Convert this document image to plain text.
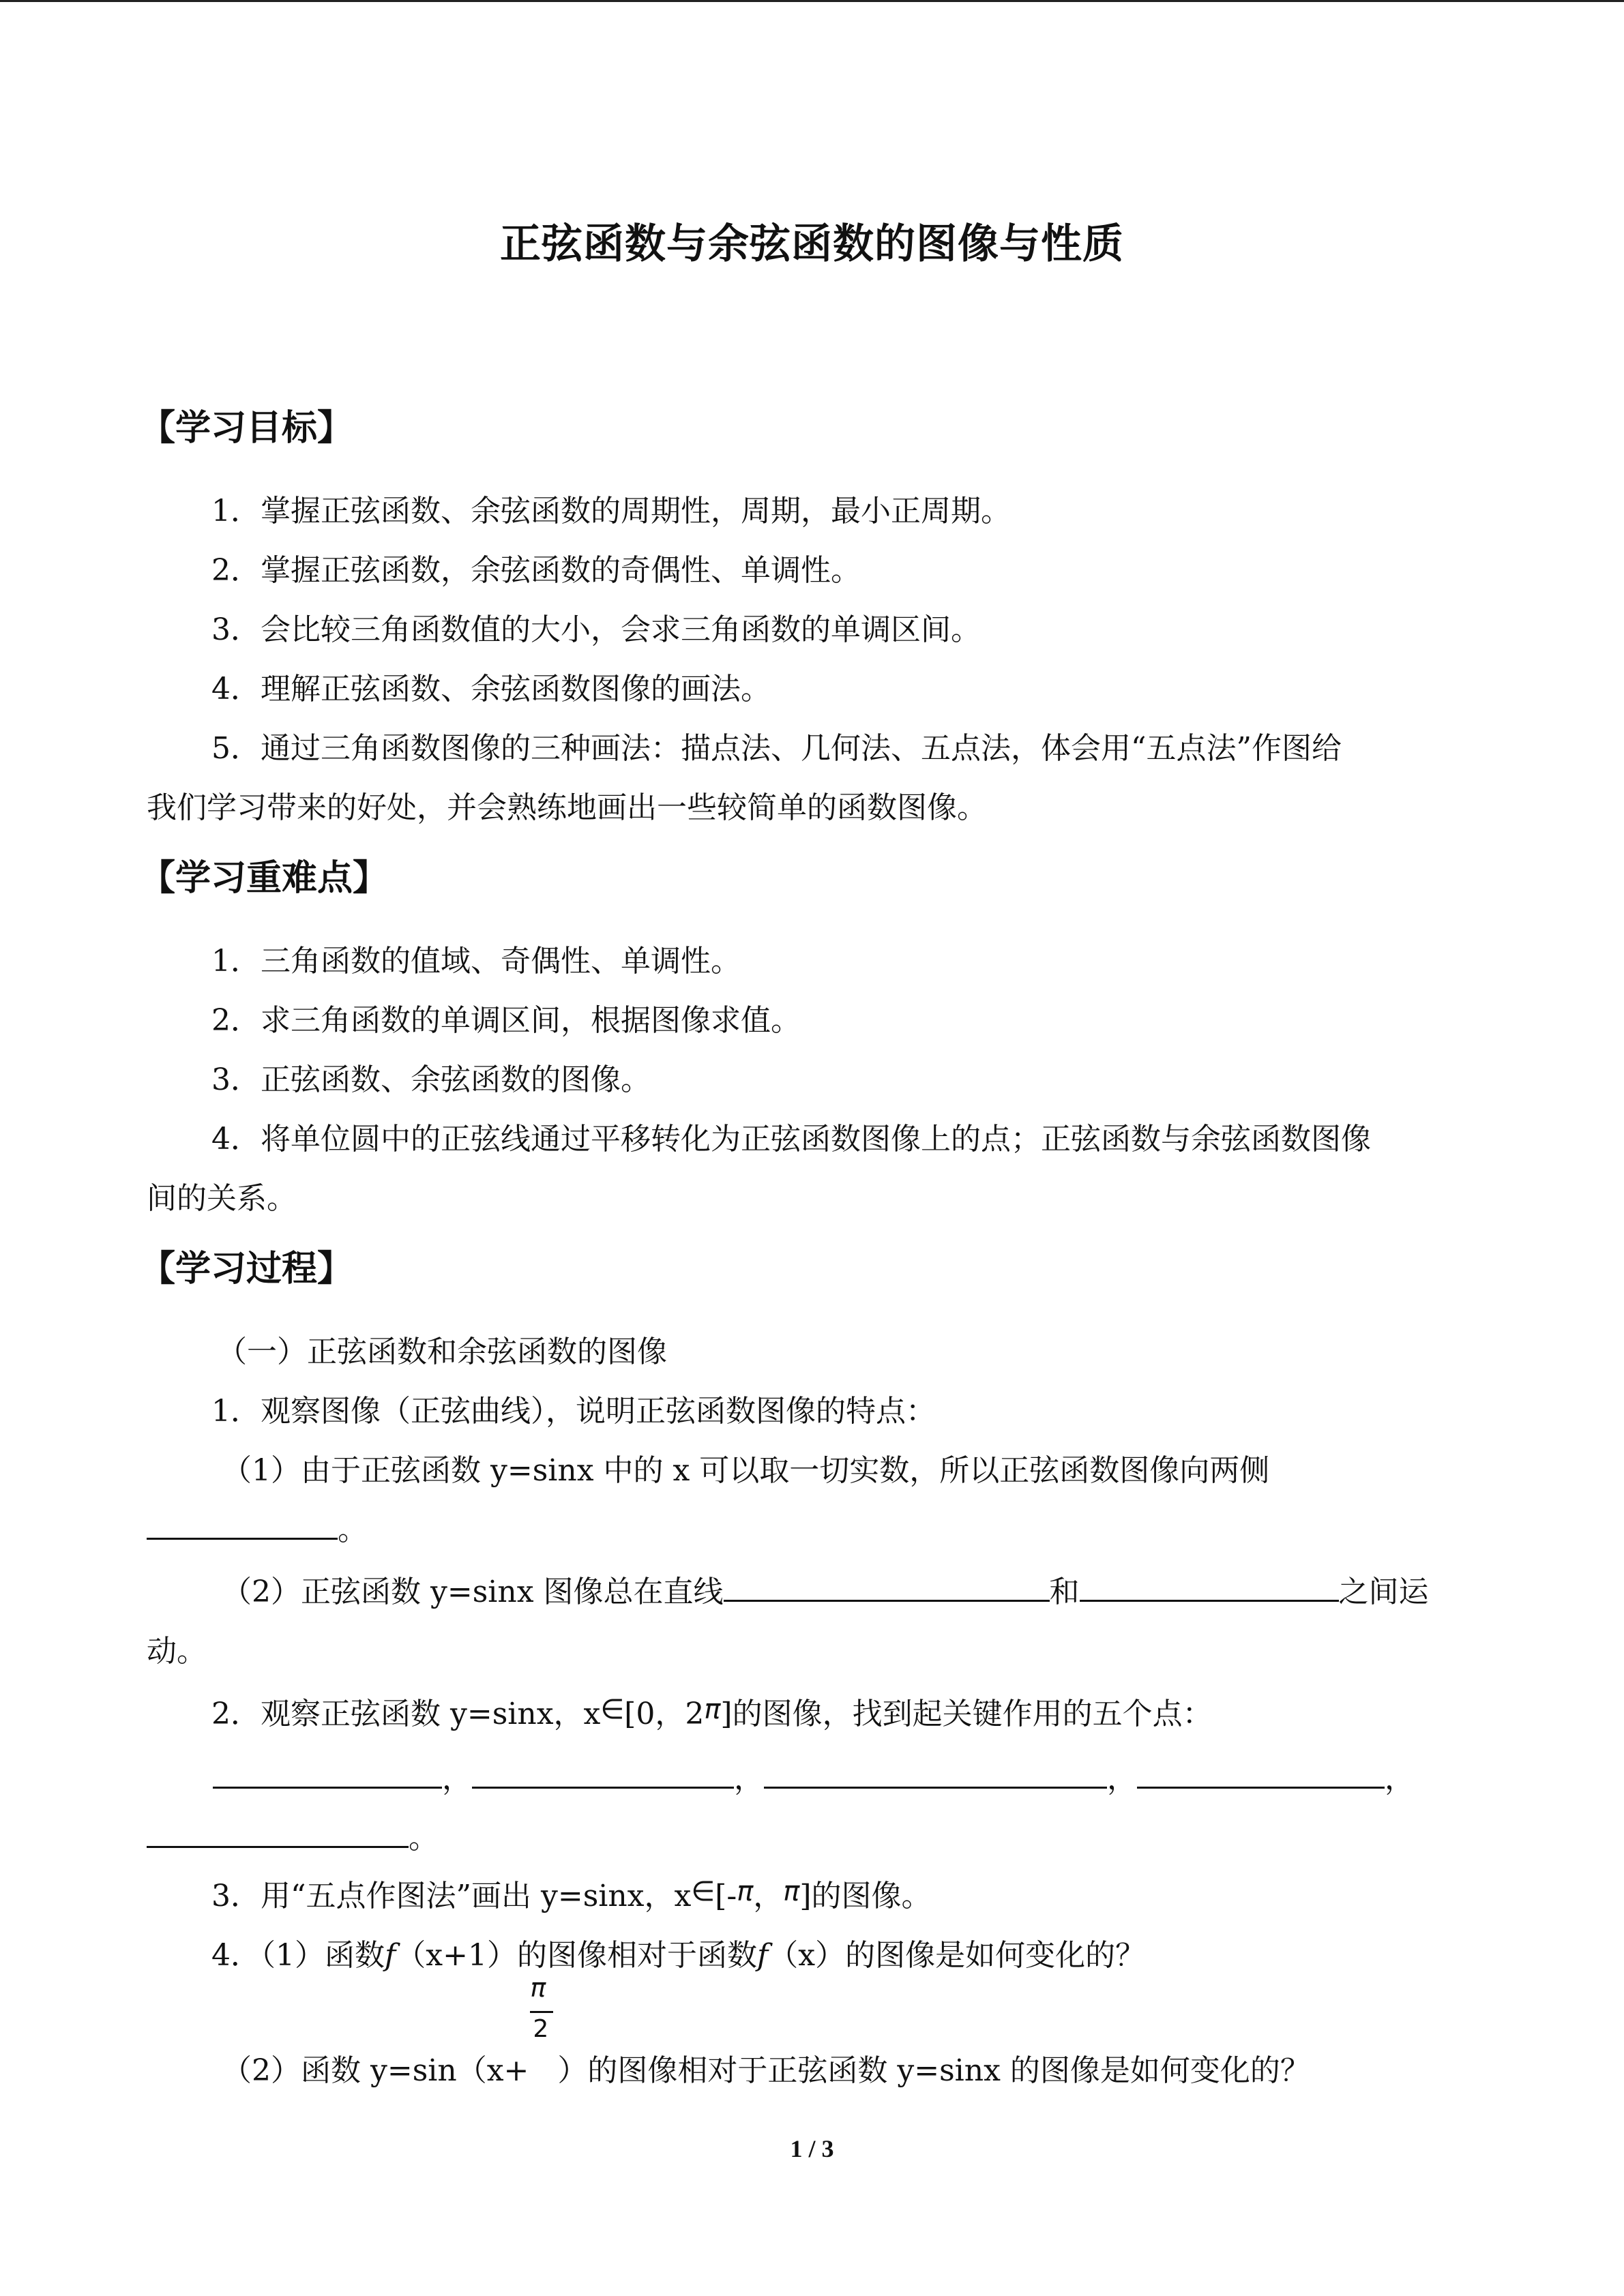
正弦函数与余弦函数的图像与性质
【学习目标】
1．掌握正弦函数、余弦函数的周期性，周期，最小正周期。
2．掌握正弦函数，余弦函数的奇偶性、单调性。
3．会比较三角函数值的大小，会求三角函数的单调区间。
4．理解正弦函数、余弦函数图像的画法。
5．通过三角函数图像的三种画法：描点法、几何法、五点法，体会用“五点法”作图给
我们学习带来的好处，并会熟练地画出一些较简单的函数图像。
【学习重难点】
1．三角函数的值域、奇偶性、单调性。
2．求三角函数的单调区间，根据图像求值。
3．正弦函数、余弦函数的图像。
4．将单位圆中的正弦线通过平移转化为正弦函数图像上的点；正弦函数与余弦函数图像
间的关系。
【学习过程】
（一）正弦函数和余弦函数的图像
1．观察图像（正弦曲线），说明正弦函数图像的特点：
（1）由于正弦函数 y=sinx 中的 x 可以取一切实数，所以正弦函数图像向两侧
。
（2）正弦函数 y=sinx 图像总在直线	和	之间运
动。
2．观察正弦函数 y=sinx，x∈[0，2π]的图像，找到起关键作用的五个点：
，	，	，	，
。
3．用“五点作图法”画出 y=sinx，x∈[-π，π]的图像。
4．（1）函数f（x+1）的图像相对于函数f（x）的图像是如何变化的？
（2）函数 $y=\sin(x+ \frac{\pi}{2}$ ）的图像相对于正弦函数 y=sinx 的图像是如何变化的？
1 / 3
